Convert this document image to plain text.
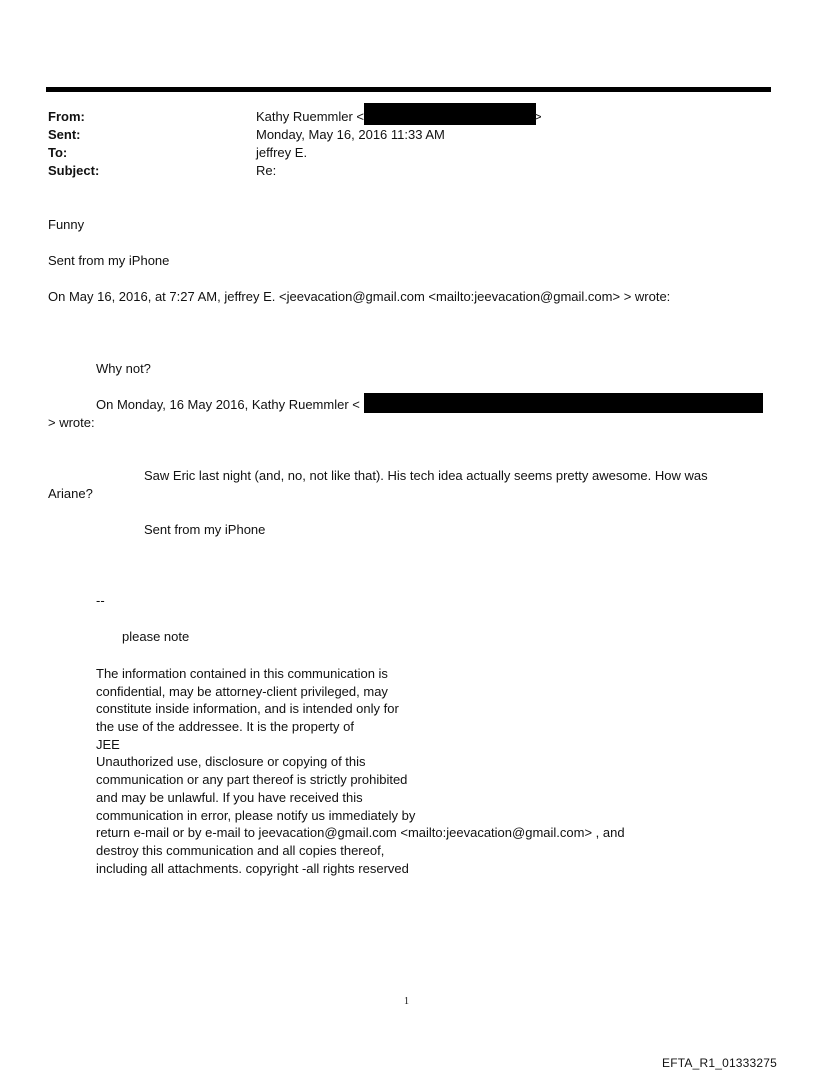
From:	Kathy Ruemmler <	>
Sent:	Monday, May 16, 2016 11:33 AM
To:	jeffrey E.
Subject:	Re:
Funny
Sent from my iPhone
On May 16, 2016, at 7:27 AM, jeffrey E. <jeevacation@gmail.com <mailto:jeevacation@gmail.com> > wrote:
Why not?
On Monday, 16 May 2016, Kathy Ruemmler <
> wrote:
Saw Eric last night (and, no, not like that). His tech idea actually seems pretty awesome. How was
Ariane?
Sent from my iPhone
--
please note
The information contained in this communication is
confidential, may be attorney-client privileged, may
constitute inside information, and is intended only for
the use of the addressee. It is the property of
JEE
Unauthorized use, disclosure or copying of this
communication or any part thereof is strictly prohibited
and may be unlawful. If you have received this
communication in error, please notify us immediately by
return e-mail or by e-mail to jeevacation@gmail.com <mailto:jeevacation@gmail.com> , and
destroy this communication and all copies thereof,
including all attachments. copyright -all rights reserved
1
EFTA_R1_01333275
